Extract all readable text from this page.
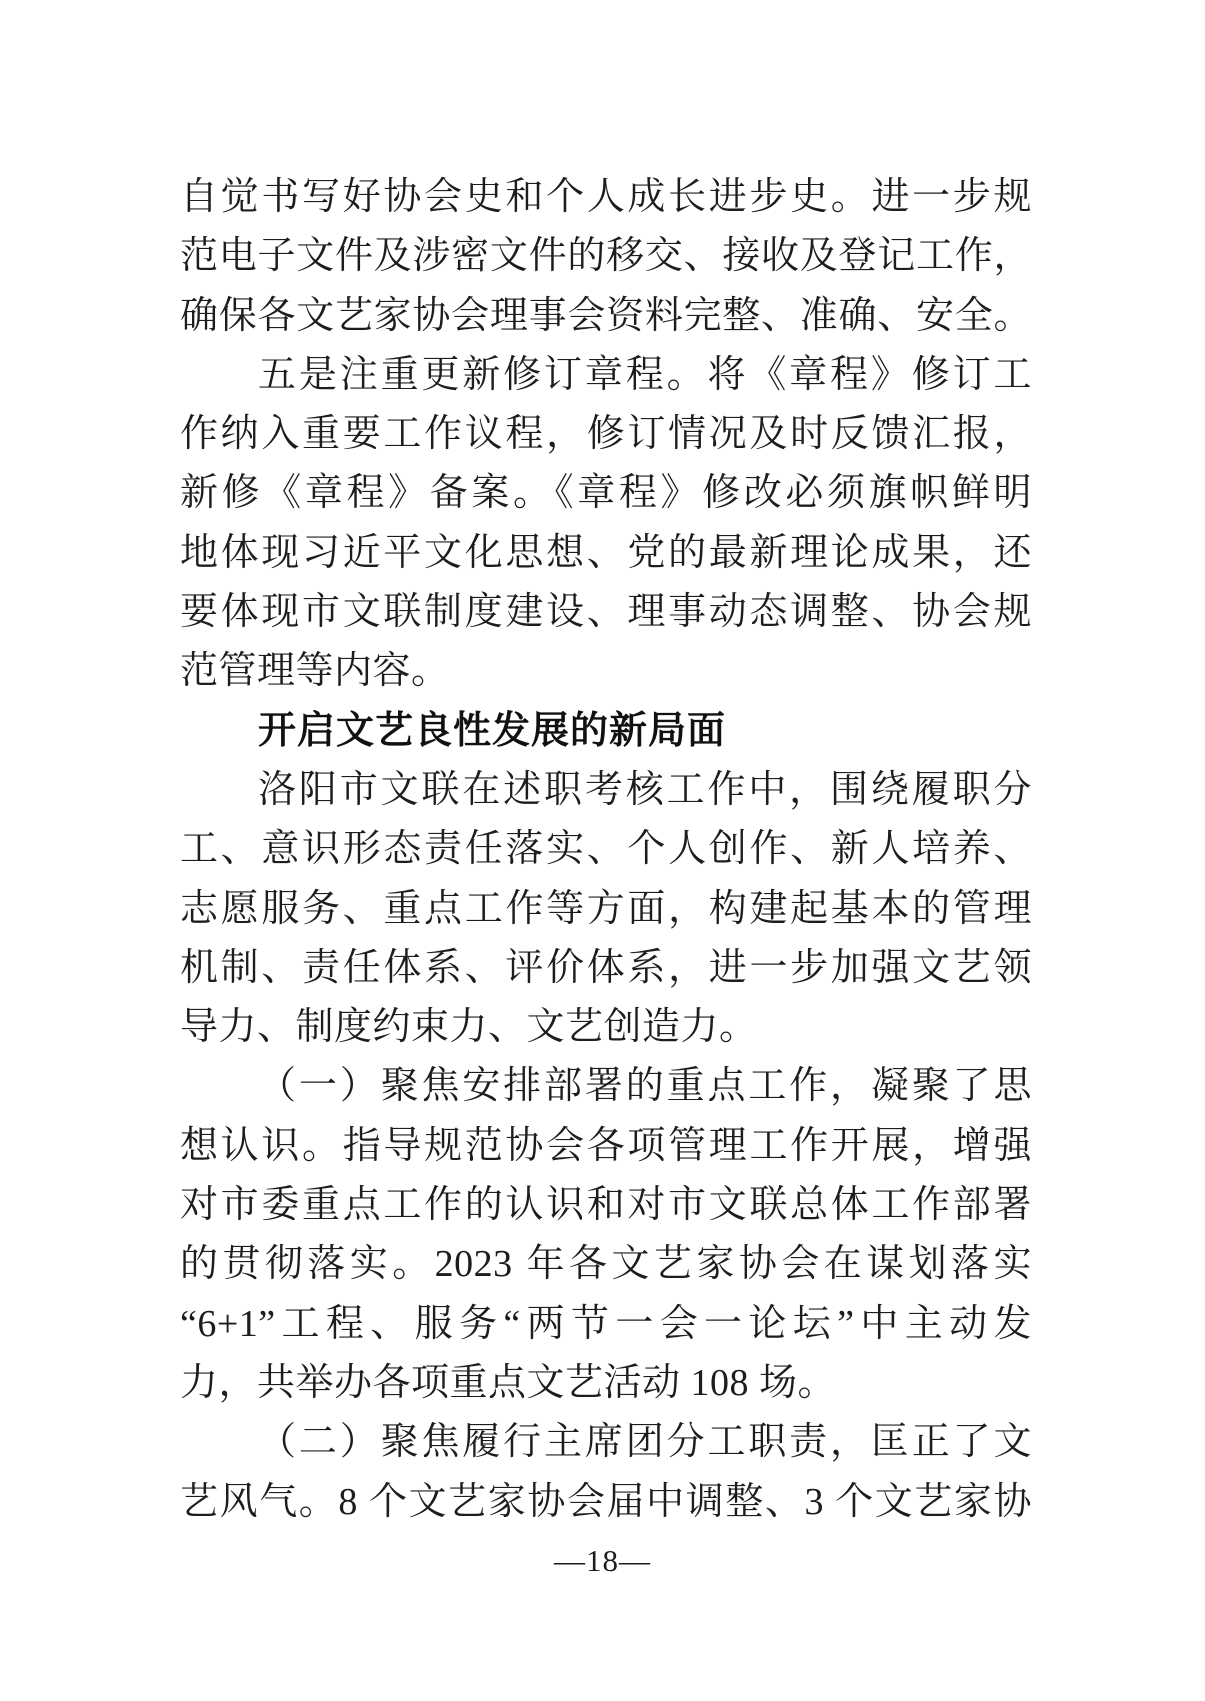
自觉书写好协会史和个人成长进步史。进一步规
范电子文件及涉密文件的移交、接收及登记工作，
确保各文艺家协会理事会资料完整、准确、安全。
五是注重更新修订章程。将《章程》修订工
作纳入重要工作议程，修订情况及时反馈汇报，
新修《章程》备案。《章程》修改必须旗帜鲜明
地体现习近平文化思想、党的最新理论成果，还
要体现市文联制度建设、理事动态调整、协会规
范管理等内容。
开启文艺良性发展的新局面
洛阳市文联在述职考核工作中，围绕履职分
工、意识形态责任落实、个人创作、新人培养、
志愿服务、重点工作等方面，构建起基本的管理
机制、责任体系、评价体系，进一步加强文艺领
导力、制度约束力、文艺创造力。
（一）聚焦安排部署的重点工作，凝聚了思
想认识。指导规范协会各项管理工作开展，增强
对市委重点工作的认识和对市文联总体工作部署
的贯彻落实。2023 年各文艺家协会在谋划落实
“6+1”工程、服务“两节一会一论坛”中主动发
力，共举办各项重点文艺活动 108 场。
（二）聚焦履行主席团分工职责，匡正了文
艺风气。8 个文艺家协会届中调整、3 个文艺家协
—18—
